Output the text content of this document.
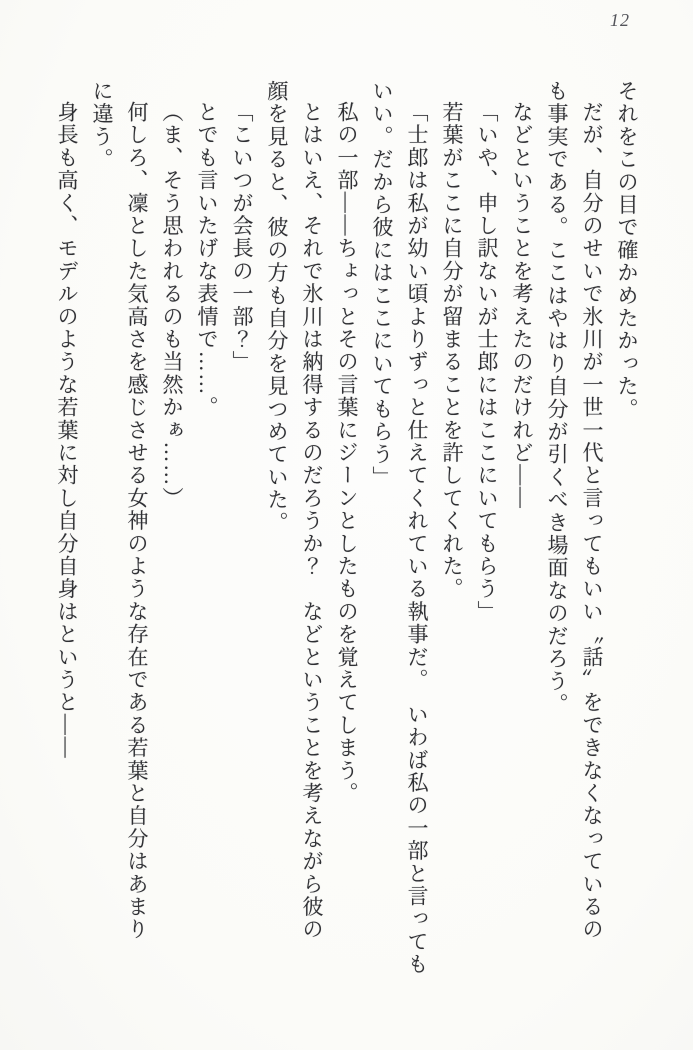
12
それをこの目で確かめたかった。
だが、自分のせいで氷川が一世一代と言ってもいい〝話〟をできなくなっているの
も事実である。ここはやはり自分が引くべき場面なのだろう。
などということを考えたのだけれど——
「いや、申し訳ないが士郎にはここにいてもらう」
若葉がここに自分が留まることを許してくれた。
「士郎は私が幼い頃よりずっと仕えてくれている執事だ。　いわば私の一部と言っても
いい。だから彼にはここにいてもらう」
私の一部——ちょっとその言葉にジーンとしたものを覚えてしまう。
とはいえ、それで氷川は納得するのだろうか？　などということを考えながら彼の
顔を見ると、彼の方も自分を見つめていた。
「こいつが会長の一部？」
とでも言いたげな表情で……。
（ま、そう思われるのも当然かぁ……）
何しろ、凜とした気高さを感じさせる女神のような存在である若葉と自分はあまり
に違う。
身長も高く、モデルのような若葉に対し自分自身はというと——
